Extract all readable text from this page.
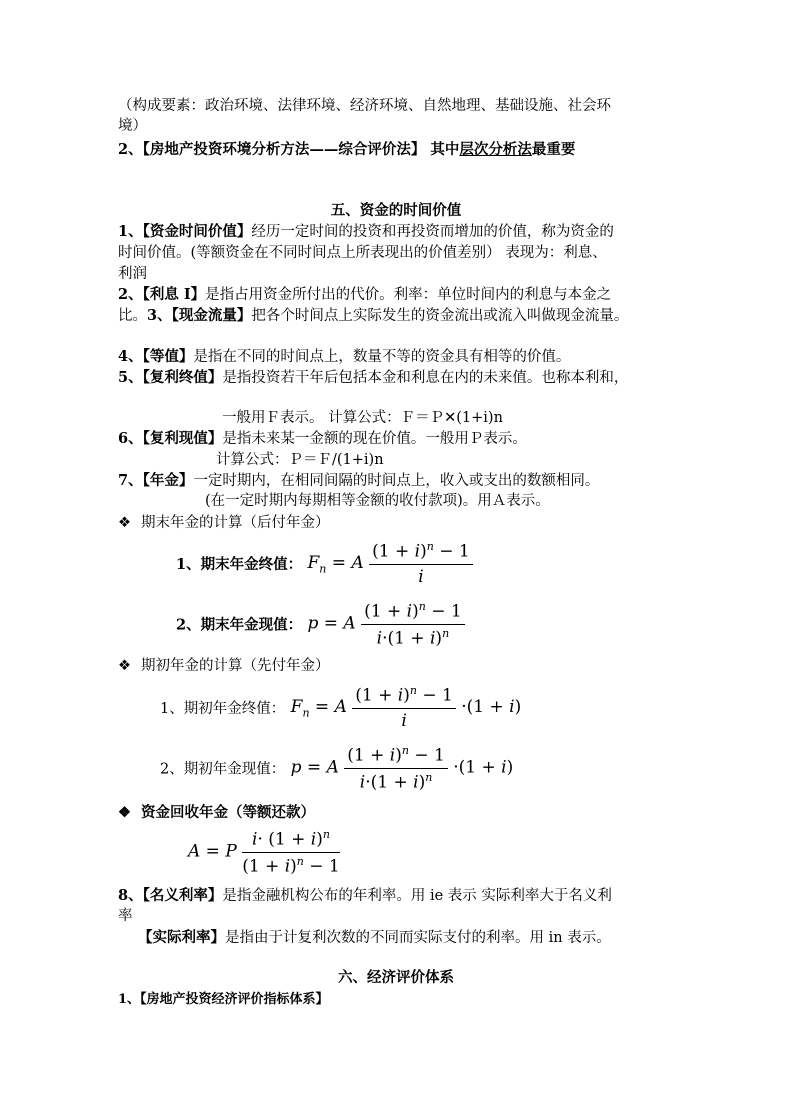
（构成要素：政治环境、法律环境、经济环境、自然地理、基础设施、社会环
境）
2、【房地产投资环境分析方法——综合评价法】 其中层次分析法最重要
五、资金的时间价值
1、【资金时间价值】经历一定时间的投资和再投资而增加的价值，称为资金的
时间价值。(等额资金在不同时间点上所表现出的价值差别） 表现为：利息、
利润
2、【利息 I】是指占用资金所付出的代价。利率：单位时间内的利息与本金之
比。3、【现金流量】把各个时间点上实际发生的资金流出或流入叫做现金流量。
4、【等值】是指在不同的时间点上，数量不等的资金具有相等的价值。
5、【复利终值】是指投资若干年后包括本金和利息在内的未来值。也称本利和，
一般用Ｆ表示。 计算公式：Ｆ＝Ｐ✕(1+i)n
6、【复利现值】是指未来某一金额的现在价值。一般用Ｐ表示。
计算公式：Ｐ＝Ｆ/(1+i)n
7、【年金】一定时期内，在相同间隔的时间点上，收入或支出的数额相同。
(在一定时期内每期相等金额的收付款项)。用Ａ表示。
❖ 期末年金的计算（后付年金）
1、期末年金终值： $F_n = A \frac{(1 + i)^n - 1}{i}$
2、期末年金现值： p = A $\frac{(1 + i)^n - 1}{i\cdot(1 + i)^n}$
❖ 期初年金的计算（先付年金）
1、期初年金终值： $F_n = A \frac{(1 + i)^n - 1}{i} \cdot(1 + i)$
2、期初年金现值： p = A $\frac{(1 + i)^n - 1}{i\cdot(1 + i)^n} \cdot(1 + i)$
❖ 资金回收年金（等额还款）
A = P $\frac{i\cdot (1 + i)^n}{(1 + i)^n - 1}$
8、【名义利率】是指金融机构公布的年利率。用 ie 表示 实际利率大于名义利
率
【实际利率】是指由于计复利次数的不同而实际支付的利率。用 in 表示。
六、经济评价体系
1、【房地产投资经济评价指标体系】
